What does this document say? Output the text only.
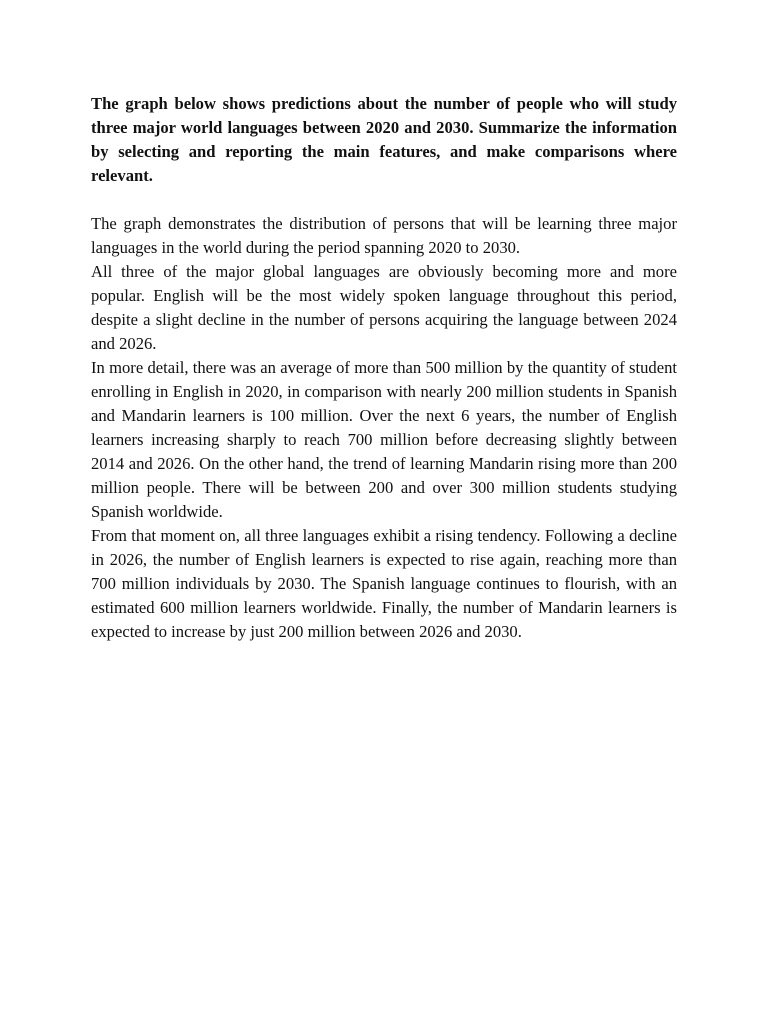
The graph below shows predictions about the number of people who will study three major world languages between 2020 and 2030. Summarize the information by selecting and reporting the main features, and make comparisons where relevant.

The graph demonstrates the distribution of persons that will be learning three major languages in the world during the period spanning 2020 to 2030.

All three of the major global languages are obviously becoming more and more popular. English will be the most widely spoken language throughout this period, despite a slight decline in the number of persons acquiring the language between 2024 and 2026.

In more detail, there was an average of more than 500 million by the quantity of student enrolling in English in 2020, in comparison with nearly 200 million students in Spanish and Mandarin learners is 100 million. Over the next 6 years, the number of English learners increasing sharply to reach 700 million before decreasing slightly between 2014 and 2026. On the other hand, the trend of learning Mandarin rising more than 200 million people. There will be between 200 and over 300 million students studying Spanish worldwide.

From that moment on, all three languages exhibit a rising tendency. Following a decline in 2026, the number of English learners is expected to rise again, reaching more than 700 million individuals by 2030. The Spanish language continues to flourish, with an estimated 600 million learners worldwide. Finally, the number of Mandarin learners is expected to increase by just 200 million between 2026 and 2030.
